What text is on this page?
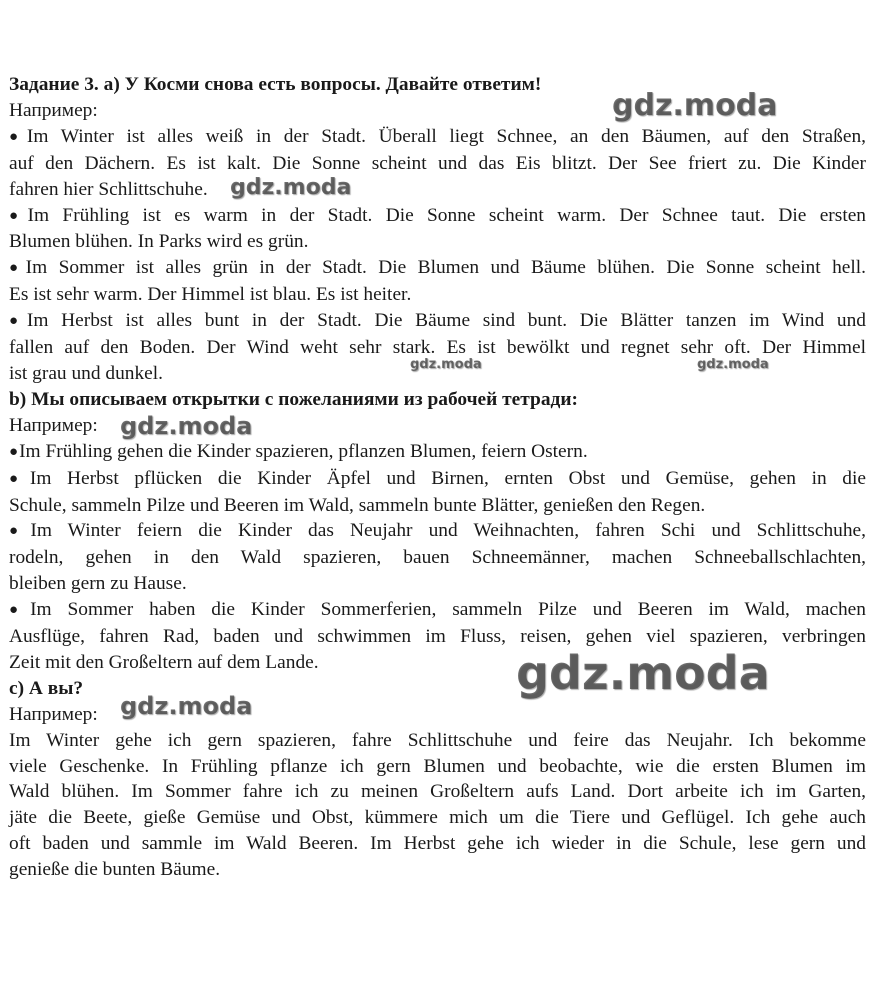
Задание 3. а) У Косми снова есть вопросы. Давайте ответим!

Например:

●Im Winter ist alles weiß in der Stadt. Überall liegt Schnee, an den Bäumen, auf den Straßen,

auf den Dächern. Es ist kalt. Die Sonne scheint und das Eis blitzt. Der See friert zu. Die Kinder

fahren hier Schlittschuhe.

●Im Frühling ist es warm in der Stadt. Die Sonne scheint warm. Der Schnee taut. Die ersten

Blumen blühen. In Parks wird es grün.

●Im Sommer ist alles grün in der Stadt. Die Blumen und Bäume blühen. Die Sonne scheint hell.

Es ist sehr warm. Der Himmel ist blau. Es ist heiter.

●Im Herbst ist alles bunt in der Stadt. Die Bäume sind bunt. Die Blätter tanzen im Wind und

fallen auf den Boden. Der Wind weht sehr stark. Es ist bewölkt und regnet sehr oft. Der Himmel

ist grau und dunkel.

b) Мы описываем открытки с пожеланиями из рабочей тетради:

Например:

●Im Frühling gehen die Kinder spazieren, pflanzen Blumen, feiern Ostern.

●Im Herbst pflücken die Kinder Äpfel und Birnen, ernten Obst und Gemüse, gehen in die

Schule, sammeln Pilze und Beeren im Wald, sammeln bunte Blätter, genießen den Regen.

●Im Winter feiern die Kinder das Neujahr und Weihnachten, fahren Schi und Schlittschuhe,

rodeln, gehen in den Wald spazieren, bauen Schneemänner, machen Schneeballschlachten,

bleiben gern zu Hause.

●Im Sommer haben die Kinder Sommerferien, sammeln Pilze und Beeren im Wald, machen

Ausflüge, fahren Rad, baden und schwimmen im Fluss, reisen, gehen viel spazieren, verbringen

Zeit mit den Großeltern auf dem Lande.

c) А вы?

Например:

Im Winter gehe ich gern spazieren, fahre Schlittschuhe und feire das Neujahr. Ich bekomme

viele Geschenke. In Frühling pflanze ich gern Blumen und beobachte, wie die ersten Blumen im

Wald blühen. Im Sommer fahre ich zu meinen Großeltern aufs Land. Dort arbeite ich im Garten,

jäte die Beete, gieße Gemüse und Obst, kümmere mich um die Tiere und Geflügel. Ich gehe auch

oft baden und sammle im Wald Beeren. Im Herbst gehe ich wieder in die Schule, lese gern und

genieße die bunten Bäume.

gdz.moda
gdz.moda
gdz.moda	gdz.moda
gdz.moda
gdz.moda
gdz.moda
